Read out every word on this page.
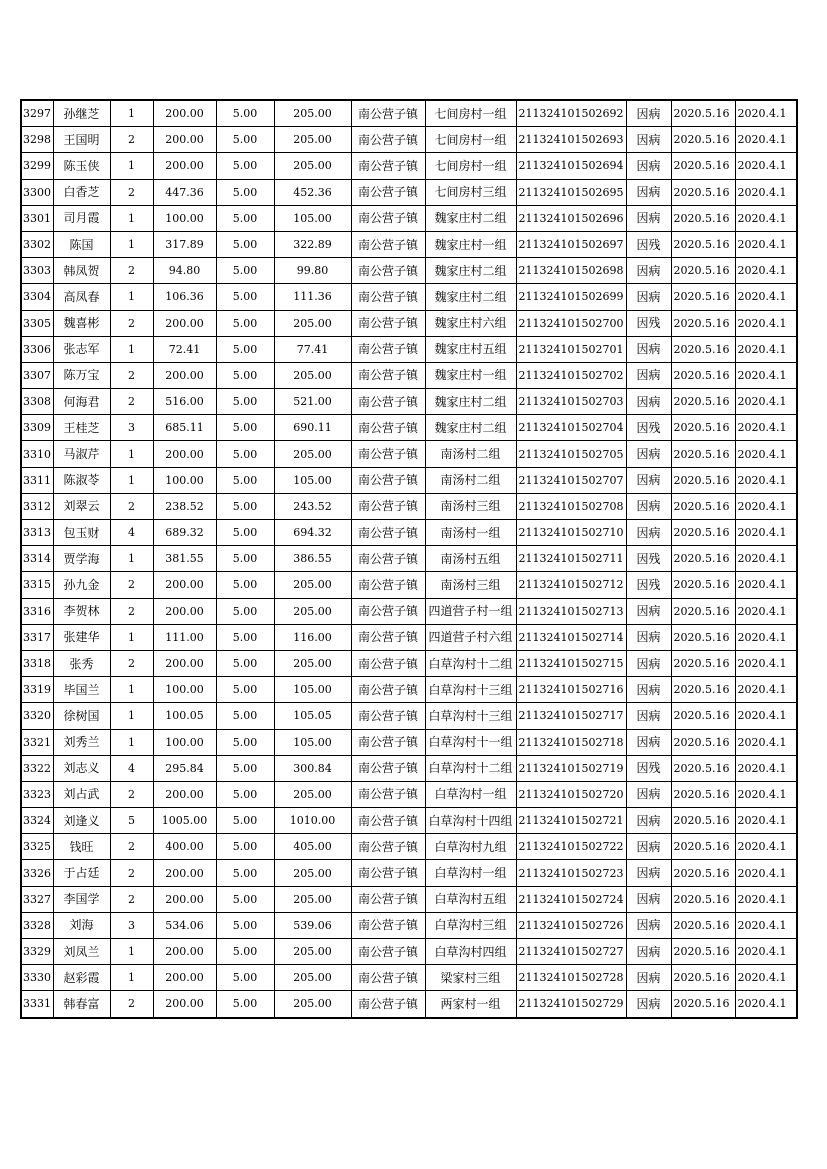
3297	孙继芝	1	200.00	5.00	205.00	南公营子镇	七间房村一组	211324101502692	因病	2020.5.16	2020.4.1
3298	王国明	2	200.00	5.00	205.00	南公营子镇	七间房村一组	211324101502693	因病	2020.5.16	2020.4.1
3299	陈玉侠	1	200.00	5.00	205.00	南公营子镇	七间房村一组	211324101502694	因病	2020.5.16	2020.4.1
3300	白香芝	2	447.36	5.00	452.36	南公营子镇	七间房村三组	211324101502695	因病	2020.5.16	2020.4.1
3301	司月霞	1	100.00	5.00	105.00	南公营子镇	魏家庄村二组	211324101502696	因病	2020.5.16	2020.4.1
3302	陈国	1	317.89	5.00	322.89	南公营子镇	魏家庄村一组	211324101502697	因残	2020.5.16	2020.4.1
3303	韩凤贺	2	94.80	5.00	99.80	南公营子镇	魏家庄村二组	211324101502698	因病	2020.5.16	2020.4.1
3304	高凤春	1	106.36	5.00	111.36	南公营子镇	魏家庄村二组	211324101502699	因病	2020.5.16	2020.4.1
3305	魏喜彬	2	200.00	5.00	205.00	南公营子镇	魏家庄村六组	211324101502700	因残	2020.5.16	2020.4.1
3306	张志军	1	72.41	5.00	77.41	南公营子镇	魏家庄村五组	211324101502701	因病	2020.5.16	2020.4.1
3307	陈万宝	2	200.00	5.00	205.00	南公营子镇	魏家庄村一组	211324101502702	因病	2020.5.16	2020.4.1
3308	何海君	2	516.00	5.00	521.00	南公营子镇	魏家庄村二组	211324101502703	因病	2020.5.16	2020.4.1
3309	王桂芝	3	685.11	5.00	690.11	南公营子镇	魏家庄村二组	211324101502704	因残	2020.5.16	2020.4.1
3310	马淑芹	1	200.00	5.00	205.00	南公营子镇	南汤村二组	211324101502705	因病	2020.5.16	2020.4.1
3311	陈淑苓	1	100.00	5.00	105.00	南公营子镇	南汤村二组	211324101502707	因病	2020.5.16	2020.4.1
3312	刘翠云	2	238.52	5.00	243.52	南公营子镇	南汤村三组	211324101502708	因病	2020.5.16	2020.4.1
3313	包玉财	4	689.32	5.00	694.32	南公营子镇	南汤村一组	211324101502710	因病	2020.5.16	2020.4.1
3314	贾学海	1	381.55	5.00	386.55	南公营子镇	南汤村五组	211324101502711	因残	2020.5.16	2020.4.1
3315	孙九金	2	200.00	5.00	205.00	南公营子镇	南汤村三组	211324101502712	因残	2020.5.16	2020.4.1
3316	李贺林	2	200.00	5.00	205.00	南公营子镇	四道营子村一组	211324101502713	因病	2020.5.16	2020.4.1
3317	张建华	1	111.00	5.00	116.00	南公营子镇	四道营子村六组	211324101502714	因病	2020.5.16	2020.4.1
3318	张秀	2	200.00	5.00	205.00	南公营子镇	白草沟村十二组	211324101502715	因病	2020.5.16	2020.4.1
3319	毕国兰	1	100.00	5.00	105.00	南公营子镇	白草沟村十三组	211324101502716	因病	2020.5.16	2020.4.1
3320	徐树国	1	100.05	5.00	105.05	南公营子镇	白草沟村十三组	211324101502717	因病	2020.5.16	2020.4.1
3321	刘秀兰	1	100.00	5.00	105.00	南公营子镇	白草沟村十一组	211324101502718	因病	2020.5.16	2020.4.1
3322	刘志义	4	295.84	5.00	300.84	南公营子镇	白草沟村十二组	211324101502719	因残	2020.5.16	2020.4.1
3323	刘占武	2	200.00	5.00	205.00	南公营子镇	白草沟村一组	211324101502720	因病	2020.5.16	2020.4.1
3324	刘逢义	5	1005.00	5.00	1010.00	南公营子镇	白草沟村十四组	211324101502721	因病	2020.5.16	2020.4.1
3325	钱旺	2	400.00	5.00	405.00	南公营子镇	白草沟村九组	211324101502722	因病	2020.5.16	2020.4.1
3326	于占廷	2	200.00	5.00	205.00	南公营子镇	白草沟村一组	211324101502723	因病	2020.5.16	2020.4.1
3327	李国学	2	200.00	5.00	205.00	南公营子镇	白草沟村五组	211324101502724	因病	2020.5.16	2020.4.1
3328	刘海	3	534.06	5.00	539.06	南公营子镇	白草沟村三组	211324101502726	因病	2020.5.16	2020.4.1
3329	刘凤兰	1	200.00	5.00	205.00	南公营子镇	白草沟村四组	211324101502727	因病	2020.5.16	2020.4.1
3330	赵彩霞	1	200.00	5.00	205.00	南公营子镇	梁家村三组	211324101502728	因病	2020.5.16	2020.4.1
3331	韩春富	2	200.00	5.00	205.00	南公营子镇	两家村一组	211324101502729	因病	2020.5.16	2020.4.1
